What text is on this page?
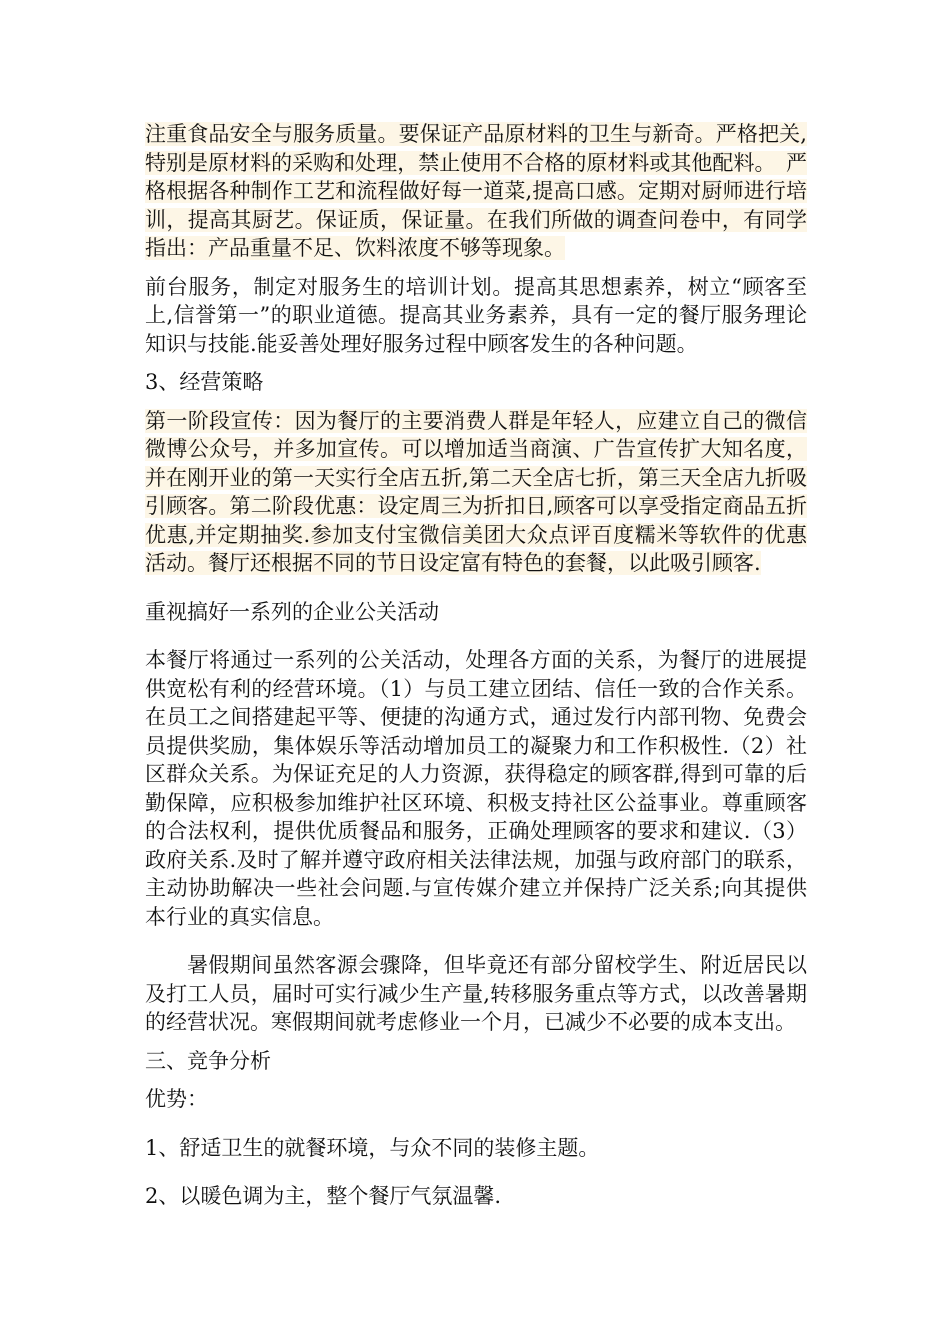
注重食品安全与服务质量。要保证产品原材料的卫生与新奇。严格把关,特别是原材料的采购和处理，禁止使用不合格的原材料或其他配料。　严格根据各种制作工艺和流程做好每一道菜,提高口感。定期对厨师进行培训，提高其厨艺。保证质，保证量。在我们所做的调查问卷中，有同学指出：产品重量不足、饮料浓度不够等现象。

前台服务，制定对服务生的培训计划。提高其思想素养，树立“顾客至上,信誉第一”的职业道德。提高其业务素养，具有一定的餐厅服务理论知识与技能.能妥善处理好服务过程中顾客发生的各种问题。

3、经营策略

第一阶段宣传：因为餐厅的主要消费人群是年轻人，应建立自己的微信微博公众号，并多加宣传。可以增加适当商演、广告宣传扩大知名度，并在刚开业的第一天实行全店五折,第二天全店七折，第三天全店九折吸引顾客。第二阶段优惠：设定周三为折扣日,顾客可以享受指定商品五折优惠,并定期抽奖.参加支付宝微信美团大众点评百度糯米等软件的优惠活动。餐厅还根据不同的节日设定富有特色的套餐，以此吸引顾客.

重视搞好一系列的企业公关活动

本餐厅将通过一系列的公关活动，处理各方面的关系，为餐厅的进展提供宽松有利的经营环境。（1）与员工建立团结、信任一致的合作关系。在员工之间搭建起平等、便捷的沟通方式，通过发行内部刊物、免费会员提供奖励，集体娱乐等活动增加员工的凝聚力和工作积极性.（2）社区群众关系。为保证充足的人力资源，获得稳定的顾客群,得到可靠的后勤保障，应积极参加维护社区环境、积极支持社区公益事业。尊重顾客的合法权利，提供优质餐品和服务，正确处理顾客的要求和建议.（3）政府关系.及时了解并遵守政府相关法律法规，加强与政府部门的联系，主动协助解决一些社会问题.与宣传媒介建立并保持广泛关系;向其提供本行业的真实信息。

暑假期间虽然客源会骤降，但毕竟还有部分留校学生、附近居民以及打工人员，届时可实行减少生产量,转移服务重点等方式，以改善暑期的经营状况。寒假期间就考虑修业一个月，已减少不必要的成本支出。

三、竞争分析

优势：

1、舒适卫生的就餐环境，与众不同的装修主题。

2、以暖色调为主，整个餐厅气氛温馨.
